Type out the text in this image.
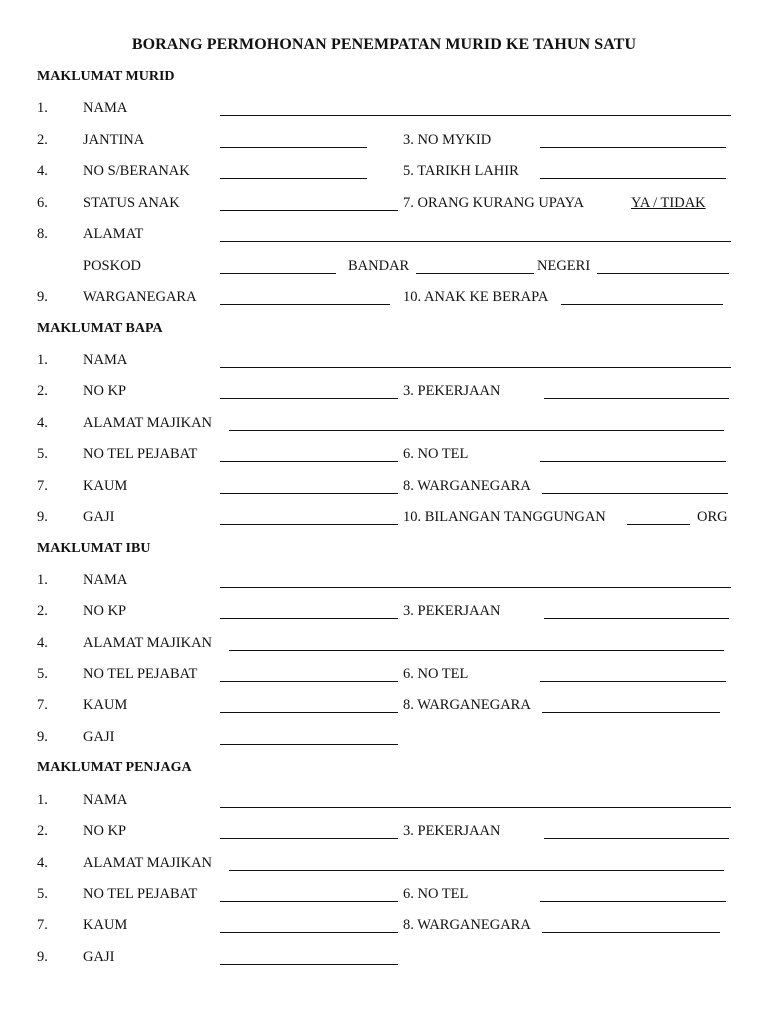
BORANG PERMOHONAN PENEMPATAN MURID KE TAHUN SATU
MAKLUMAT MURID
1. NAMA
2. JANTINA	3. NO MYKID
4. NO S/BERANAK	5. TARIKH LAHIR
6. STATUS ANAK	7. ORANG KURANG UPAYA	YA / TIDAK
8. ALAMAT
POSKOD	BANDAR	NEGERI
9. WARGANEGARA	10. ANAK KE BERAPA
MAKLUMAT BAPA
1. NAMA
2. NO KP	3. PEKERJAAN
4. ALAMAT MAJIKAN
5. NO TEL PEJABAT	6. NO TEL
7. KAUM	8. WARGANEGARA
9. GAJI	10. BILANGAN TANGGUNGAN	ORG
MAKLUMAT IBU
1. NAMA
2. NO KP	3. PEKERJAAN
4. ALAMAT MAJIKAN
5. NO TEL PEJABAT	6. NO TEL
7. KAUM	8. WARGANEGARA
9. GAJI
MAKLUMAT PENJAGA
1. NAMA
2. NO KP	3. PEKERJAAN
4. ALAMAT MAJIKAN
5. NO TEL PEJABAT	6. NO TEL
7. KAUM	8. WARGANEGARA
9. GAJI
